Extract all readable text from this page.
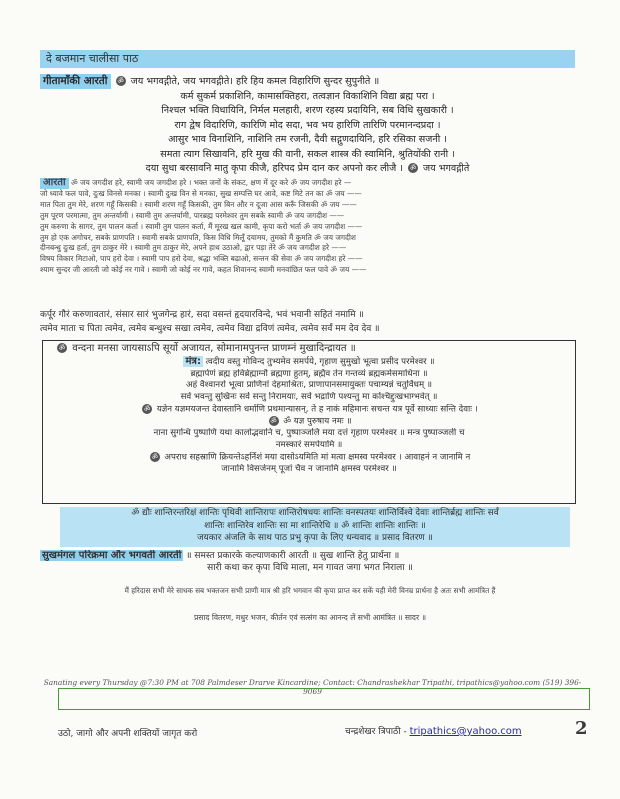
दे बजमान चालीसा पाठ
गीतामाँकी आरती ॐ जय भगवद्गीते, जय भगवद्गीते। हरि हिय कमल विहारिणि सुन्दर सुपुनीते ॥
कर्म सुकर्म प्रकाशिनि, कामासक्तिहरा, तत्वज्ञान विकाशिनि विद्या ब्रह्म परा ।
निश्चल भक्ति विधायिनि, निर्मल मलहारी, शरण रहस्य प्रदायिनि, सब विधि सुखकारी ।
राग द्वेष विदारिणि, कारिणि मोद सदा, भव भय हारिणि तारिणि परमानन्दप्रदा ।
आसुर भाव विनाशिनि, नाशिनि तम रजनी, दैवी सद्गुणदायिनि, हरि रसिका सजनी ।
समता त्याग सिखावनि, हरि मुख की वानी, सकल शास्त्र की स्वामिनि, श्रुतियोंकी रानी ।
दया सुधा बरसावनि मातु कृपा कीजै, हरिपद प्रेम दान कर अपनो कर लीजै । ॐ जय भगवद्गीते
आरती ॐ जय जगदीश हरे, स्वामी जय जगदीश हरे । भक्त जनों के संकट, क्षण में दूर करे ॐ जय जगदीश हरे —
जो ध्यावे फल पावे, दुःख विनसे मनका । स्वामी दुःख विन से मनका, सुख सम्पत्ति घर आवे, कष्ट मिटे तन का ॐ जय ——
मात पिता तुम मेरे, शरण गहूँ किसकी । स्वामी शरण गहूँ किसकी, तुम बिन और न दूजा आस करूँ जिसकी ॐ जय ——
तुम पूरण परमात्मा, तुम अन्तर्यामी । स्वामी तुम अन्तर्यामी, पारब्रह्म परमेश्वर तुम सबके स्वामी ॐ जय जगदीश ——
तुम करुणा के सागर, तुम पालन कर्ता । स्वामी तुम पालन कर्ता, मैं मूरख खल कामी, कृपा करो भर्ता ॐ जय जगदीश ——
तुम हो एक अगोचर, सबके प्राणपति । स्वामी सबके प्राणपति, किस विधि मिलूँ दयामय, तुमको मैं कुमति ॐ जय जगदीश
दीनबन्धु दुःख हर्ता, तुम ठाकुर मेरे । स्वामी तुम ठाकुर मेरे, अपने हाथ उठाओ, द्वार पड़ा तेरे ॐ जय जगदीश हरे ——
विषय विकार मिटाओ, पाप हरो देवा । स्वामी पाप हरो देवा, श्रद्धा भक्ति बढ़ाओ, सन्तन की सेवा ॐ जय जगदीश हरे ——
श्याम सुन्दर जी आरती जो कोई नर गावे । स्वामी जो कोई नर गावे, कहत शिवानन्द स्वामी मनवांछित फल पावे ॐ जय ——
कर्पूर गौरं करुणावतारं, संसार सारं भुजगेन्द्र हारं, सदा वसन्तं हृदयारविन्दे, भवं भवानी सहितं नमामि ॥
त्वमेव माता च पिता त्वमेव, त्वमेव बन्धुश्च सखा त्वमेव, त्वमेव विद्या द्रविणं त्वमेव, त्वमेव सर्वं मम देव देव ॥
ॐ वन्दना मनसा जायसाऽपि सूर्यो अजायत, सोमानामपुनन्त प्राणम्नं मुखादिन्द्रायत ॥
मंत्र: त्वदीय वस्तु गोविन्द तुभ्यमेव समर्पये, गृहाण सुमुखो भूत्वा प्रसीद परमेश्वर ॥
ब्रह्मार्पणं ब्रह्म हविर्ब्रह्माग्नौ ब्रह्मणा हुतम्, ब्रह्मैव तेन गन्तव्यं ब्रह्मकर्मसमाधिना ॥
अहं वैश्वानरो भूत्वा प्राणिनां देहमाश्रितः, प्राणापानसमायुक्तः पचाम्यन्नं चतुर्विधम् ॥
सर्वे भवन्तु सुखिनः सर्वे सन्तु निरामयाः, सर्वे भद्राणि पश्यन्तु मा कश्चिद्दुःखभाग्भवेत् ॥
ॐ यज्ञेन यज्ञमयजन्त देवास्तानि धर्माणि प्रथमान्यासन्, ते ह नाकं महिमानः सचन्त यत्र पूर्वे साध्याः सन्ति देवाः ।
ॐ ॐ यज्ञ पुरुषाय नमः ॥
नाना सुगन्धि पुष्पाणि यथा कालोद्भवानि च, पुष्पाञ्जलि मया दत्तं गृहाण परमेश्वर ॥ मन्त्र पुष्पाञ्जली च
नमस्कारं समर्पयामि ॥
ॐ अपराध सहस्राणि क्रियन्तेऽहर्निशं मया दासोऽयमिति मां मत्वा क्षमस्व परमेश्वर । आवाहनं न जानामि न
जानामि विसर्जनम् पूजां चैव न जानामि क्षमस्व परमेश्वर ॥
ॐ द्यौः शान्तिरन्तरिक्षं शान्तिः पृथिवी शान्तिरापः शान्तिरोषधयः शान्तिः वनस्पतयः शान्तिर्विश्वे देवाः शान्तिर्ब्रह्म शान्तिः सर्वं
शान्तिः शान्तिरेव शान्तिः सा मा शान्तिरेधि ॥ ॐ शान्तिः शान्तिः शान्तिः ॥
जयकार अंजलि के साथ पाठ प्रभु कृपा के लिए धन्यवाद ॥ प्रसाद वितरण ॥
सुखमंगल परिक्रमा और भगवती आरती ॥ समस्त प्रकारके कल्याणकारी आरती ॥ सुख शान्ति हेतु प्रार्थना ॥
सारी कथा कर कृपा विधि माला, मन गावत जगा भगत निराला ॥
मैं हरिदास सभी मेरे साधक सब भक्तजन सभी प्राणी मात्र श्री हरि भगवान की कृपा प्राप्त कर सकें यही मेरी विनम्र प्रार्थना है अतः सभी आमंत्रित हैं
प्रसाद वितरण, मधुर भजन, कीर्तन एवं सत्संग का आनन्द लें सभी आमंत्रित ॥ सादर ॥
Sanating every Thursday @7:30 PM at 708 Palmdeser Drarve Kincardine; Contact: Chandrashekhar Tripathi, tripathics@yahoo.com (519) 396-9069
उठो, जागो और अपनी शक्तियों जागृत करो	चन्द्रशेखर त्रिपाठी - tripathics@yahoo.com	2
